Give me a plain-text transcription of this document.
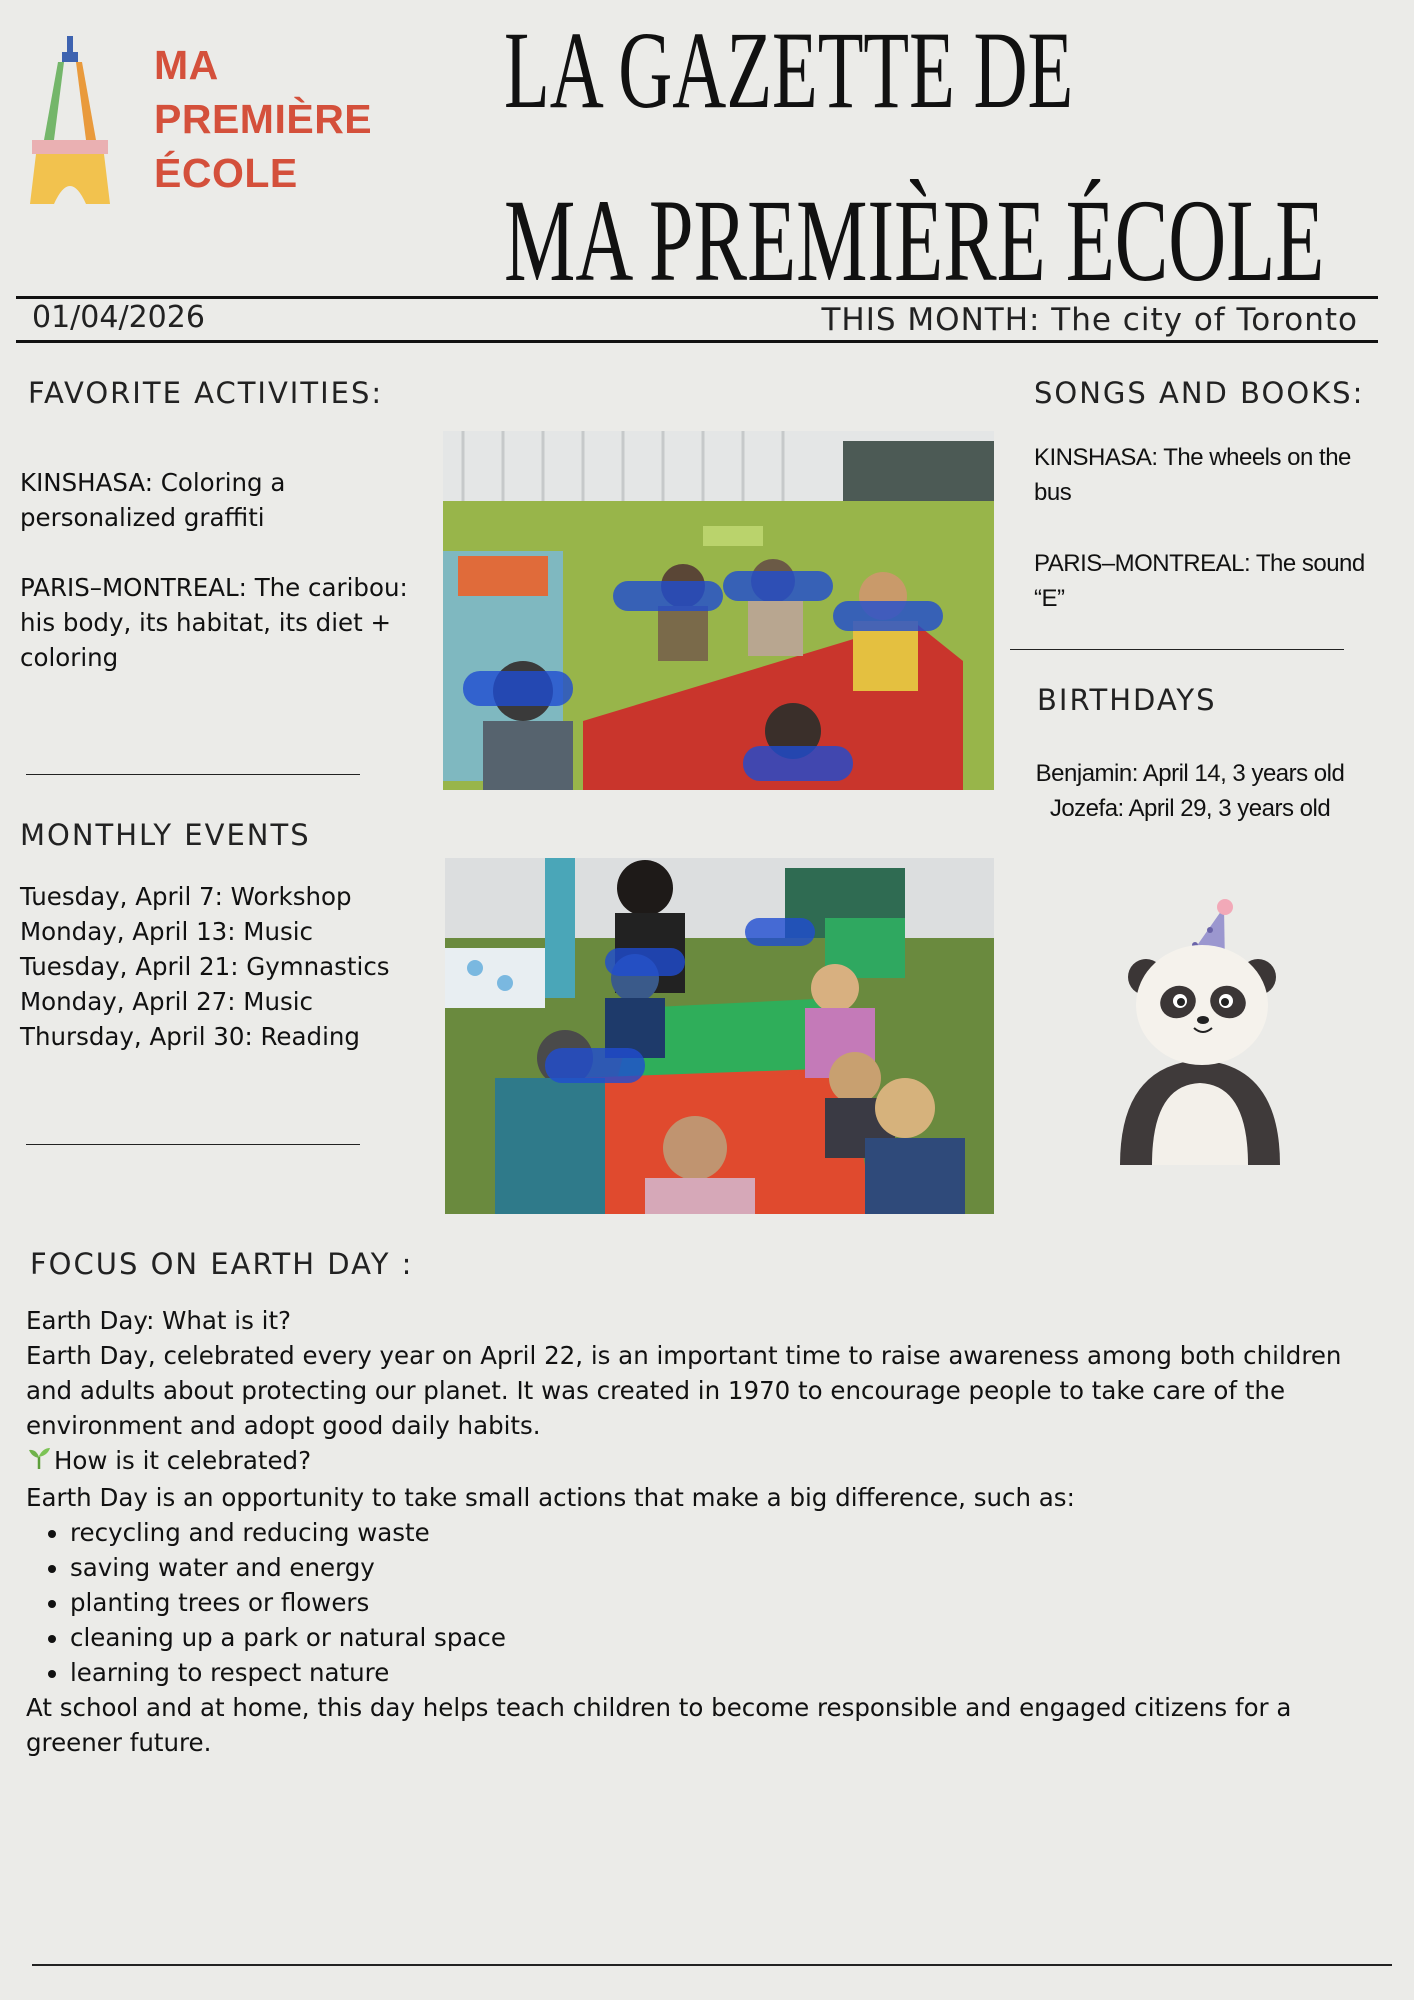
MA
PREMIÈRE
ÉCOLE
LA GAZETTE DE
MA PREMIÈRE ÉCOLE
01/04/2026	THIS MONTH: The city of Toronto
FAVORITE ACTIVITIES:
KINSHASA: Coloring a personalized graffiti
PARIS–MONTREAL: The caribou: his body, its habitat, its diet + coloring
MONTHLY EVENTS
Tuesday, April 7: Workshop
Monday, April 13: Music
Tuesday, April 21: Gymnastics
Monday, April 27: Music
Thursday, April 30: Reading
SONGS AND BOOKS:
KINSHASA: The wheels on the bus
PARIS–MONTREAL: The sound “E”
BIRTHDAYS
Benjamin: April 14, 3 years old
Jozefa: April 29, 3 years old
FOCUS ON EARTH DAY :
Earth Day: What is it?
Earth Day, celebrated every year on April 22, is an important time to raise awareness among both children and adults about protecting our planet. It was created in 1970 to encourage people to take care of the environment and adopt good daily habits.
How is it celebrated?
Earth Day is an opportunity to take small actions that make a big difference, such as:
• recycling and reducing waste
• saving water and energy
• planting trees or flowers
• cleaning up a park or natural space
• learning to respect nature
At school and at home, this day helps teach children to become responsible and engaged citizens for a greener future.
